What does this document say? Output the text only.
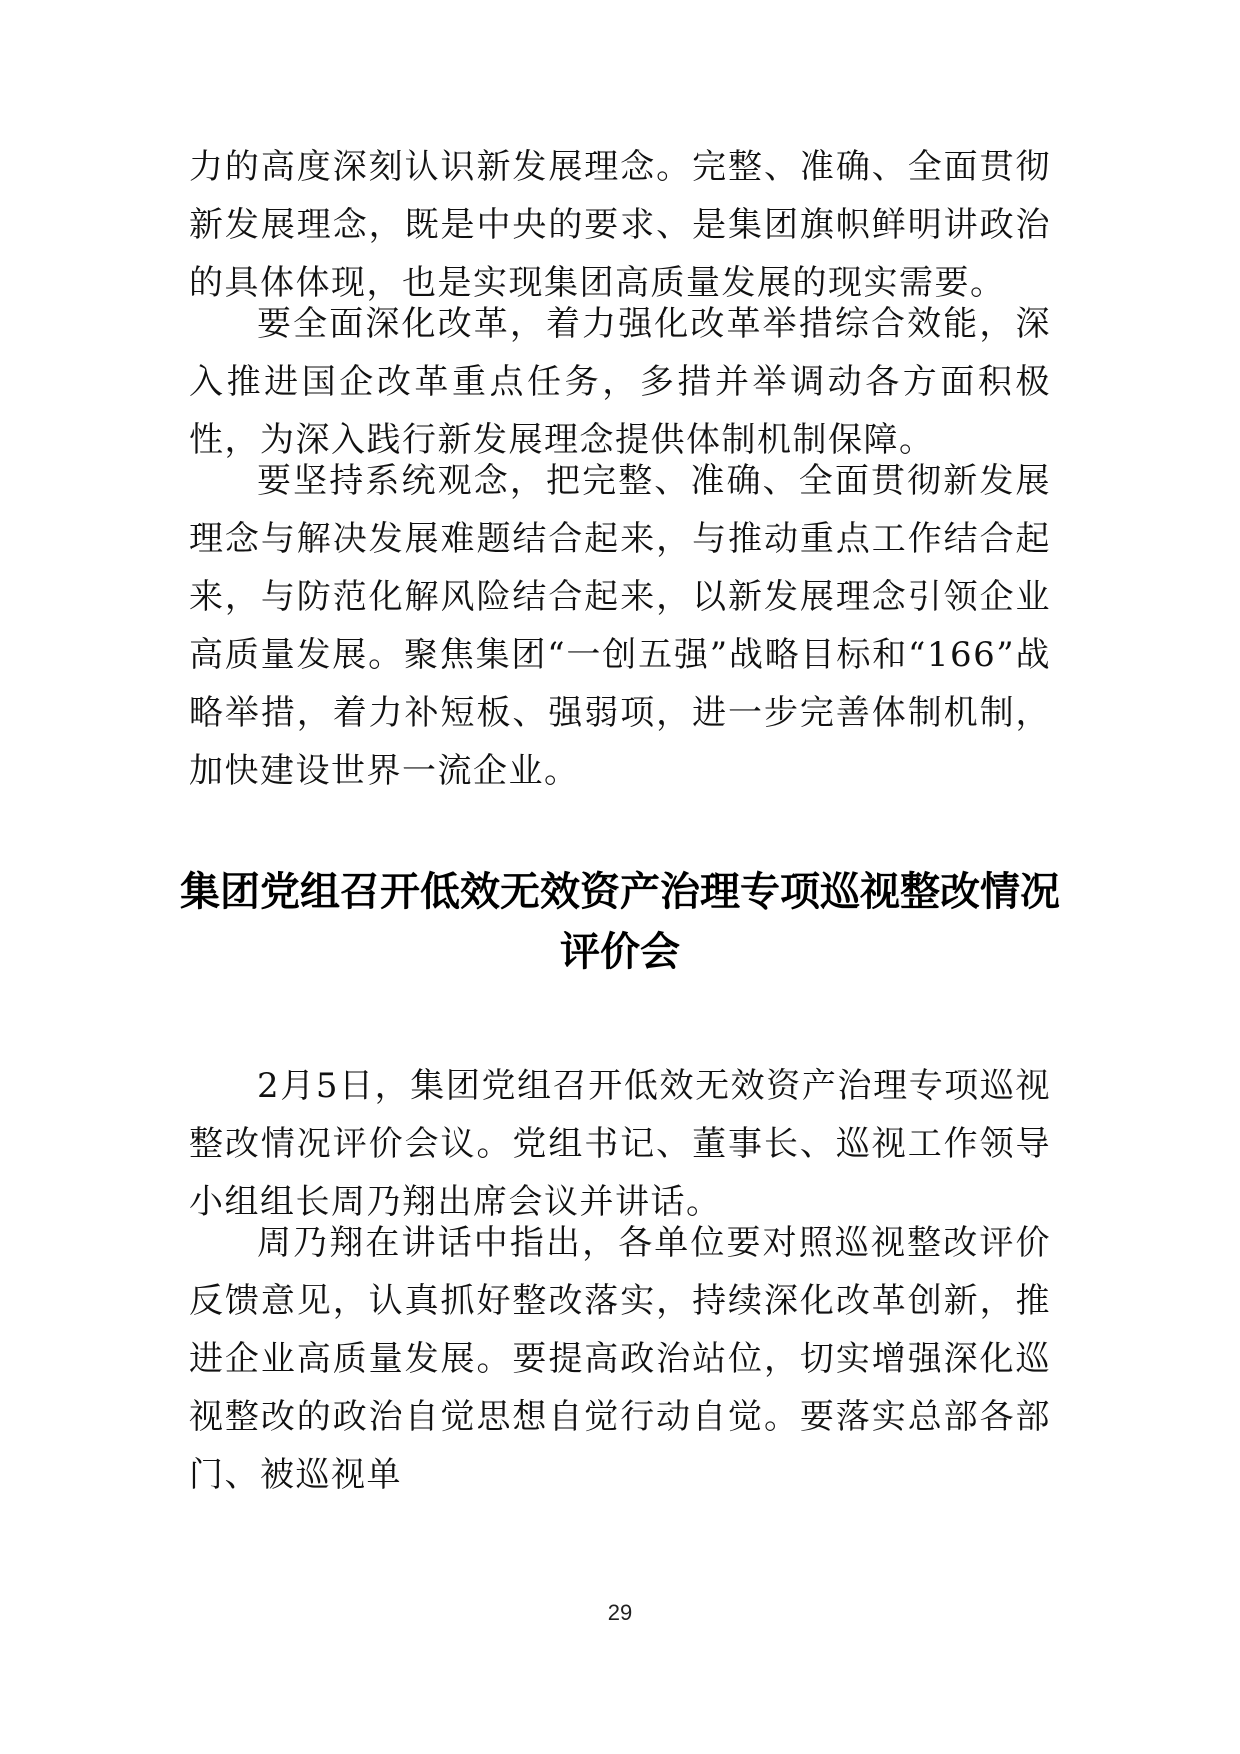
力的高度深刻认识新发展理念。完整、准确、全面贯彻新发展理念，既是中央的要求、是集团旗帜鲜明讲政治的具体体现，也是实现集团高质量发展的现实需要。

要全面深化改革，着力强化改革举措综合效能，深入推进国企改革重点任务，多措并举调动各方面积极性，为深入践行新发展理念提供体制机制保障。

要坚持系统观念，把完整、准确、全面贯彻新发展理念与解决发展难题结合起来，与推动重点工作结合起来，与防范化解风险结合起来，以新发展理念引领企业高质量发展。聚焦集团“一创五强”战略目标和“166”战略举措，着力补短板、强弱项，进一步完善体制机制，加快建设世界一流企业。

集团党组召开低效无效资产治理专项巡视整改情况
评价会

2月5日，集团党组召开低效无效资产治理专项巡视整改情况评价会议。党组书记、董事长、巡视工作领导小组组长周乃翔出席会议并讲话。

周乃翔在讲话中指出，各单位要对照巡视整改评价反馈意见，认真抓好整改落实，持续深化改革创新，推进企业高质量发展。要提高政治站位，切实增强深化巡视整改的政治自觉思想自觉行动自觉。要落实总部各部门、被巡视单

29
